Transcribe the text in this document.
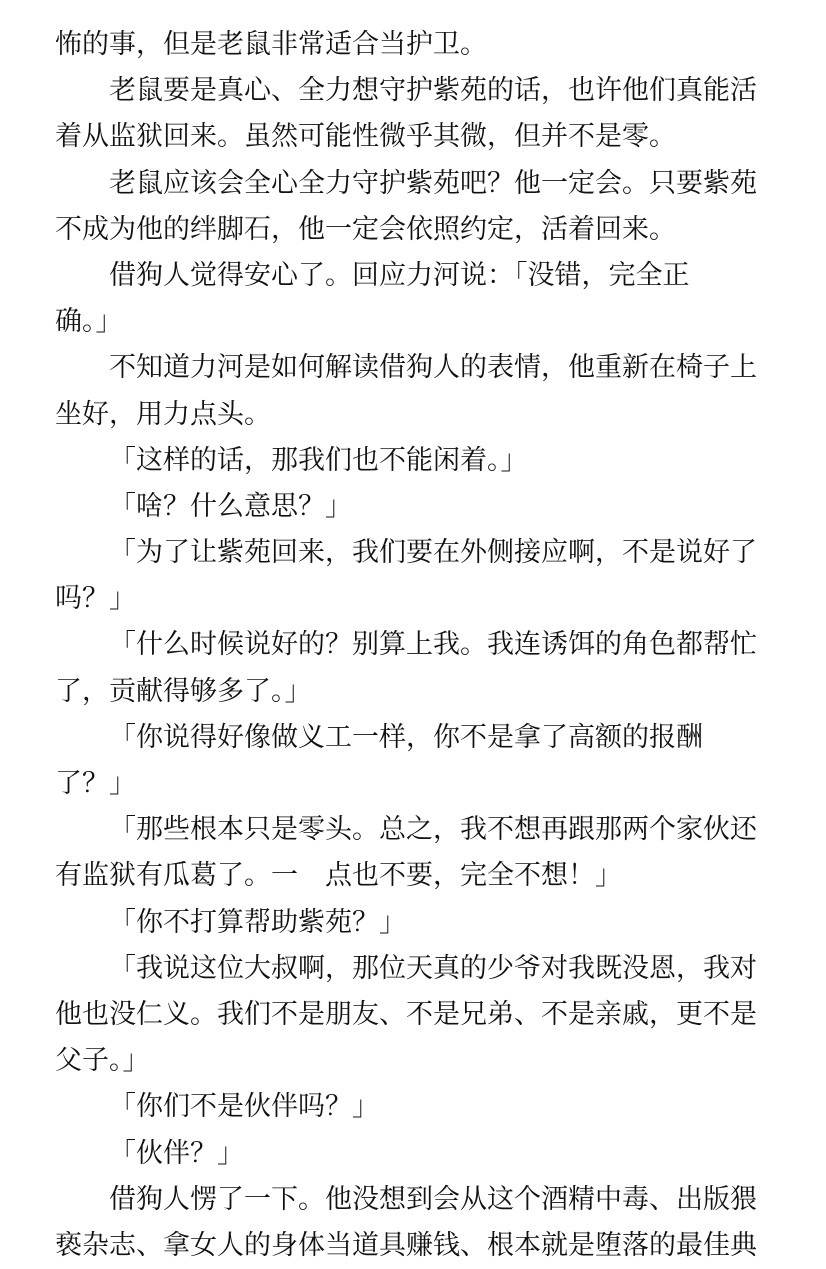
怖的事，但是老鼠非常适合当护卫。
老鼠要是真心、全力想守护紫苑的话，也许他们真能活
着从监狱回来。虽然可能性微乎其微，但并不是零。
老鼠应该会全心全力守护紫苑吧？他一定会。只要紫苑
不成为他的绊脚石，他一定会依照约定，活着回来。
借狗人觉得安心了。回应力河说：「没错，完全正
确。」
不知道力河是如何解读借狗人的表情，他重新在椅子上
坐好，用力点头。
「这样的话，那我们也不能闲着。」
「啥？什么意思？」
「为了让紫苑回来，我们要在外侧接应啊，不是说好了
吗？」
「什么时候说好的？别算上我。我连诱饵的角色都帮忙
了，贡献得够多了。」
「你说得好像做义工一样，你不是拿了高额的报酬
了？」
「那些根本只是零头。总之，我不想再跟那两个家伙还
有监狱有瓜葛了。一　点也不要，完全不想！」
「你不打算帮助紫苑？」
「我说这位大叔啊，那位天真的少爷对我既没恩，我对
他也没仁义。我们不是朋友、不是兄弟、不是亲戚，更不是
父子。」
「你们不是伙伴吗？」
「伙伴？」
借狗人愣了一下。他没想到会从这个酒精中毒、出版猥
亵杂志、拿女人的身体当道具赚钱、根本就是堕落的最佳典
